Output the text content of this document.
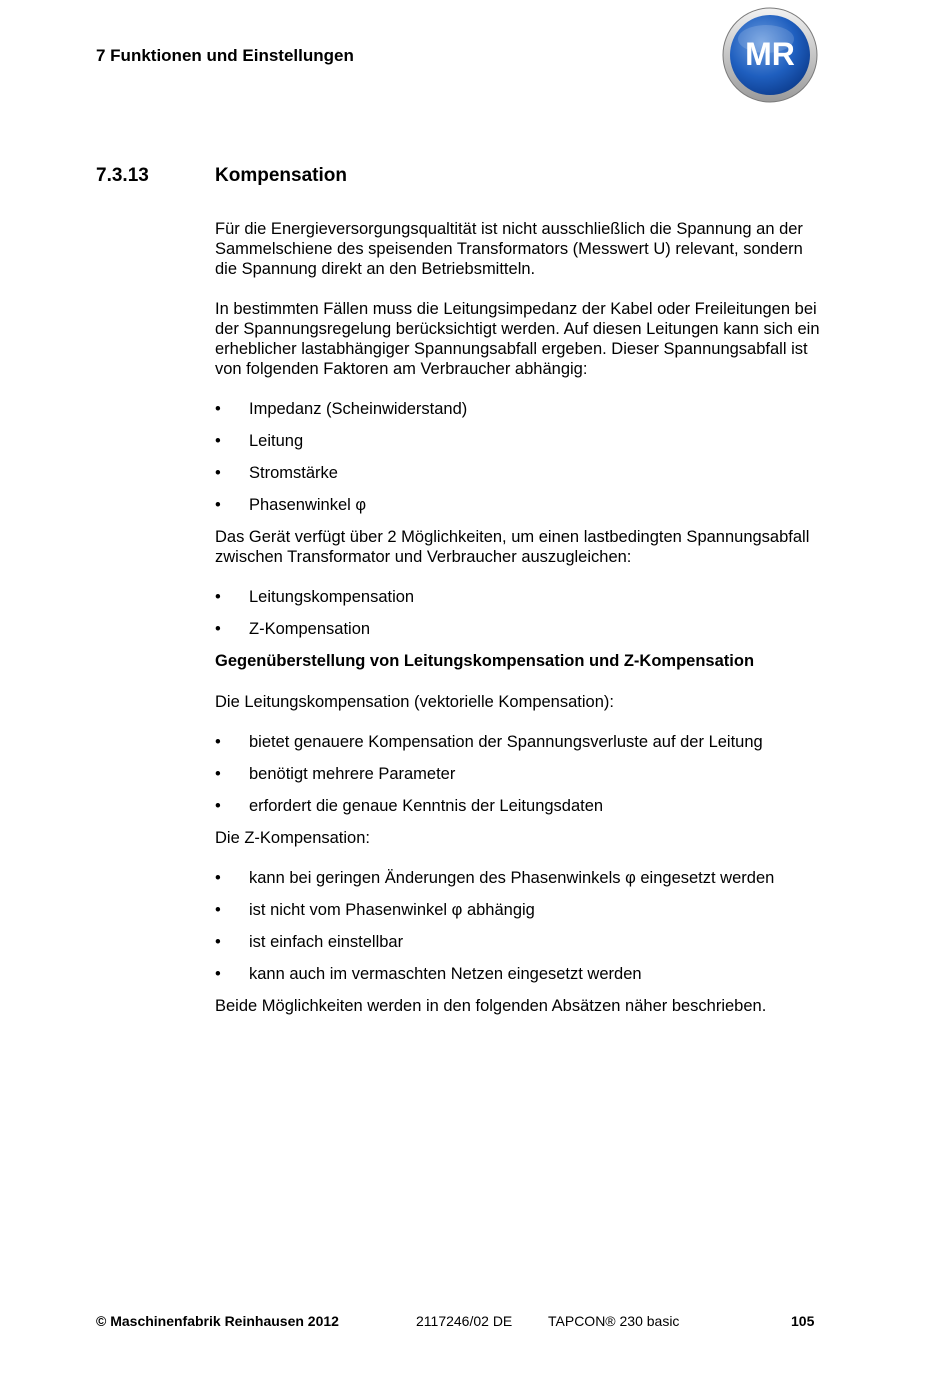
7 Funktionen und Einstellungen	MR
7.3.13	Kompensation

Für die Energieversorgungsqualtität ist nicht ausschließlich die Spannung an der Sammelschiene des speisenden Transformators (Messwert U) relevant, sondern die Spannung direkt an den Betriebsmitteln.

In bestimmten Fällen muss die Leitungsimpedanz der Kabel oder Freileitungen bei der Spannungsregelung berücksichtigt werden. Auf diesen Leitungen kann sich ein erheblicher lastabhängiger Spannungsabfall ergeben. Dieser Spannungsabfall ist von folgenden Faktoren am Verbraucher abhängig:

• Impedanz (Scheinwiderstand)
• Leitung
• Stromstärke
• Phasenwinkel φ

Das Gerät verfügt über 2 Möglichkeiten, um einen lastbedingten Spannungsabfall zwischen Transformator und Verbraucher auszugleichen:

• Leitungskompensation
• Z-Kompensation

Gegenüberstellung von Leitungskompensation und Z-Kompensation

Die Leitungskompensation (vektorielle Kompensation):

• bietet genauere Kompensation der Spannungsverluste auf der Leitung
• benötigt mehrere Parameter
• erfordert die genaue Kenntnis der Leitungsdaten

Die Z-Kompensation:

• kann bei geringen Änderungen des Phasenwinkels φ eingesetzt werden
• ist nicht vom Phasenwinkel φ abhängig
• ist einfach einstellbar
• kann auch im vermaschten Netzen eingesetzt werden

Beide Möglichkeiten werden in den folgenden Absätzen näher beschrieben.

© Maschinenfabrik Reinhausen 2012	2117246/02 DE	TAPCON® 230 basic	105
